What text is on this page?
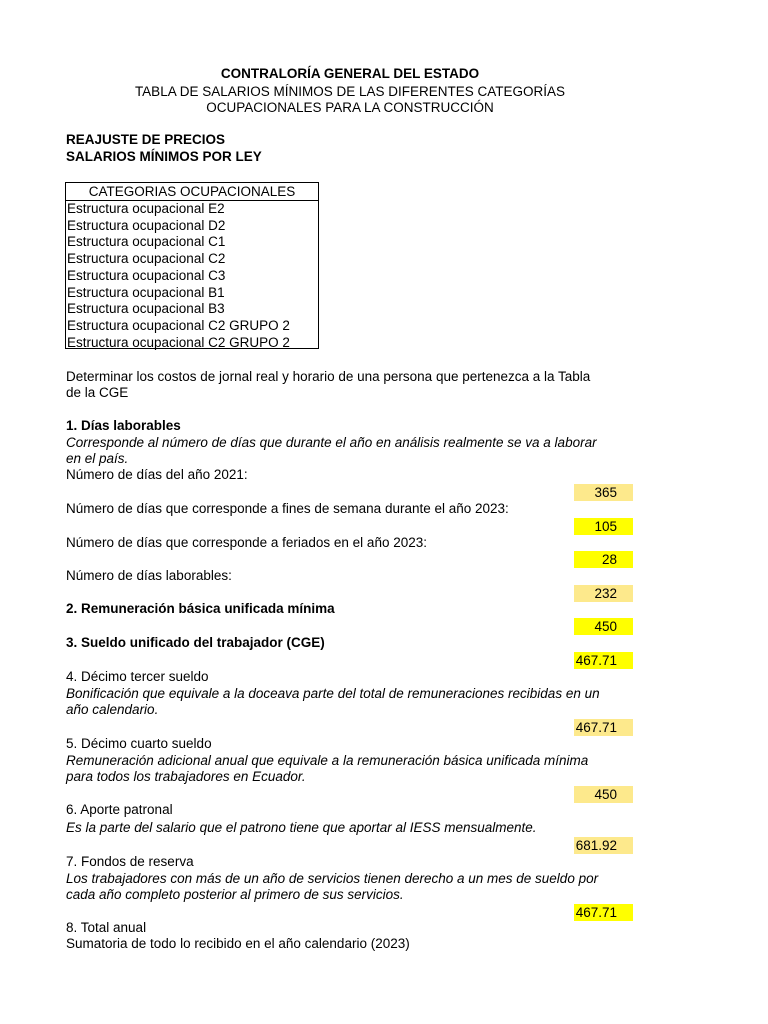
CONTRALORÍA GENERAL DEL ESTADO
TABLA DE SALARIOS MÍNIMOS DE LAS DIFERENTES CATEGORÍAS
OCUPACIONALES PARA LA CONSTRUCCIÓN
REAJUSTE DE PRECIOS
SALARIOS MÍNIMOS POR LEY
CATEGORIAS OCUPACIONALES
Estructura ocupacional E2
Estructura ocupacional D2
Estructura ocupacional C1
Estructura ocupacional C2
Estructura ocupacional C3
Estructura ocupacional B1
Estructura ocupacional B3
Estructura ocupacional C2 GRUPO 2
Estructura ocupacional C2 GRUPO 2
Determinar los costos de jornal real y horario de una persona que pertenezca a la Tabla
de la CGE
1. Días laborables
Corresponde al número de días que durante el año en análisis realmente se va a laborar
en el país.
Número de días del año 2021:
365
Número de días que corresponde a fines de semana durante el año 2023:
105
Número de días que corresponde a feriados en el año 2023:
28
Número de días laborables:
232
2. Remuneración básica unificada mínima
450
3. Sueldo unificado del trabajador (CGE)
467.71
4. Décimo tercer sueldo
Bonificación que equivale a la doceava parte del total de remuneraciones recibidas en un
año calendario.
467.71
5. Décimo cuarto sueldo
Remuneración adicional anual que equivale a la remuneración básica unificada mínima
para todos los trabajadores en Ecuador.
450
6. Aporte patronal
Es la parte del salario que el patrono tiene que aportar al IESS mensualmente.
681.92
7. Fondos de reserva
Los trabajadores con más de un año de servicios tienen derecho a un mes de sueldo por
cada año completo posterior al primero de sus servicios.
467.71
8. Total anual
Sumatoria de todo lo recibido en el año calendario (2023)
